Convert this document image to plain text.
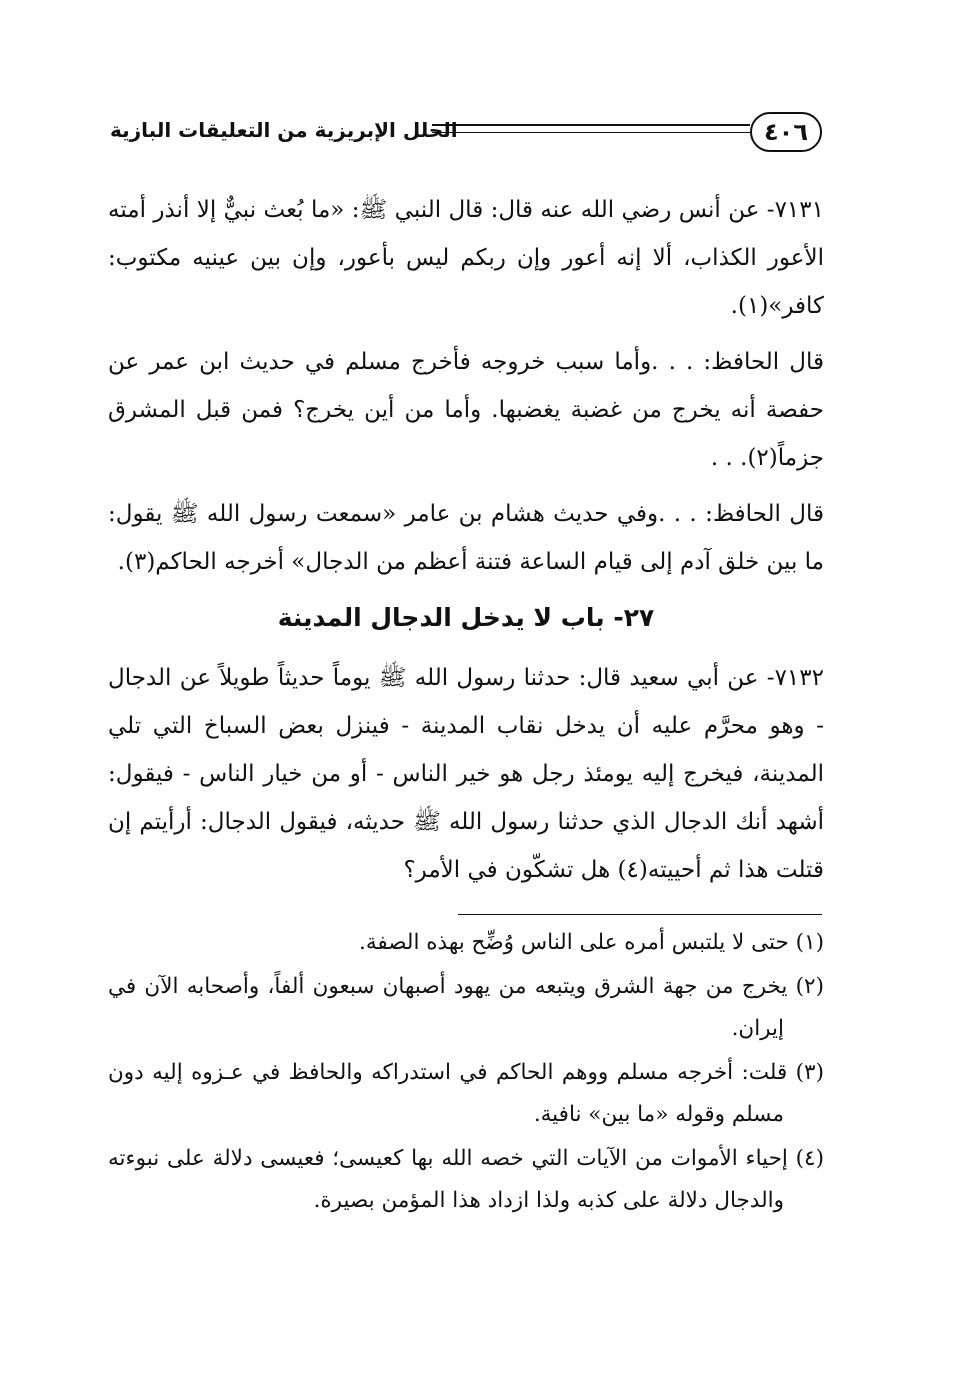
الحلل الإبريزية من التعليقات البازية	٤٠٦

٧١٣١- عن أنس رضي الله عنه قال: قال النبي ﷺ: «ما بُعث نبيٌّ إلا أنذر أمته الأعور الكذاب، ألا إنه أعور وإن ربكم ليس بأعور، وإن بين عينيه مكتوب: كافر»(١).

قال الحافظ: . . .وأما سبب خروجه فأخرج مسلم في حديث ابن عمر عن حفصة أنه يخرج من غضبة يغضبها. وأما من أين يخرج؟ فمن قبل المشرق جزماً(٢). . .

قال الحافظ: . . .وفي حديث هشام بن عامر «سمعت رسول الله ﷺ يقول: ما بين خلق آدم إلى قيام الساعة فتنة أعظم من الدجال» أخرجه الحاكم(٣).

٢٧- باب لا يدخل الدجال المدينة

٧١٣٢- عن أبي سعيد قال: حدثنا رسول الله ﷺ يوماً حديثاً طويلاً عن الدجال - وهو محرَّم عليه أن يدخل نقاب المدينة - فينزل بعض السباخ التي تلي المدينة، فيخرج إليه يومئذ رجل هو خير الناس - أو من خيار الناس - فيقول: أشهد أنك الدجال الذي حدثنا رسول الله ﷺ حديثه، فيقول الدجال: أرأيتم إن قتلت هذا ثم أحييته(٤) هل تشكّون في الأمر؟

(١) حتى لا يلتبس أمره على الناس وُضِّح بهذه الصفة.

(٢) يخرج من جهة الشرق ويتبعه من يهود أصبهان سبعون ألفاً، وأصحابه الآن في إيران.

(٣) قلت: أخرجه مسلم ووهم الحاكم في استدراكه والحافظ في عـزوه إليه دون مسلم وقوله «ما بين» نافية.

(٤) إحياء الأموات من الآيات التي خصه الله بها كعيسى؛ فعيسى دلالة على نبوءته والدجال دلالة على كذبه ولذا ازداد هذا المؤمن بصيرة.
